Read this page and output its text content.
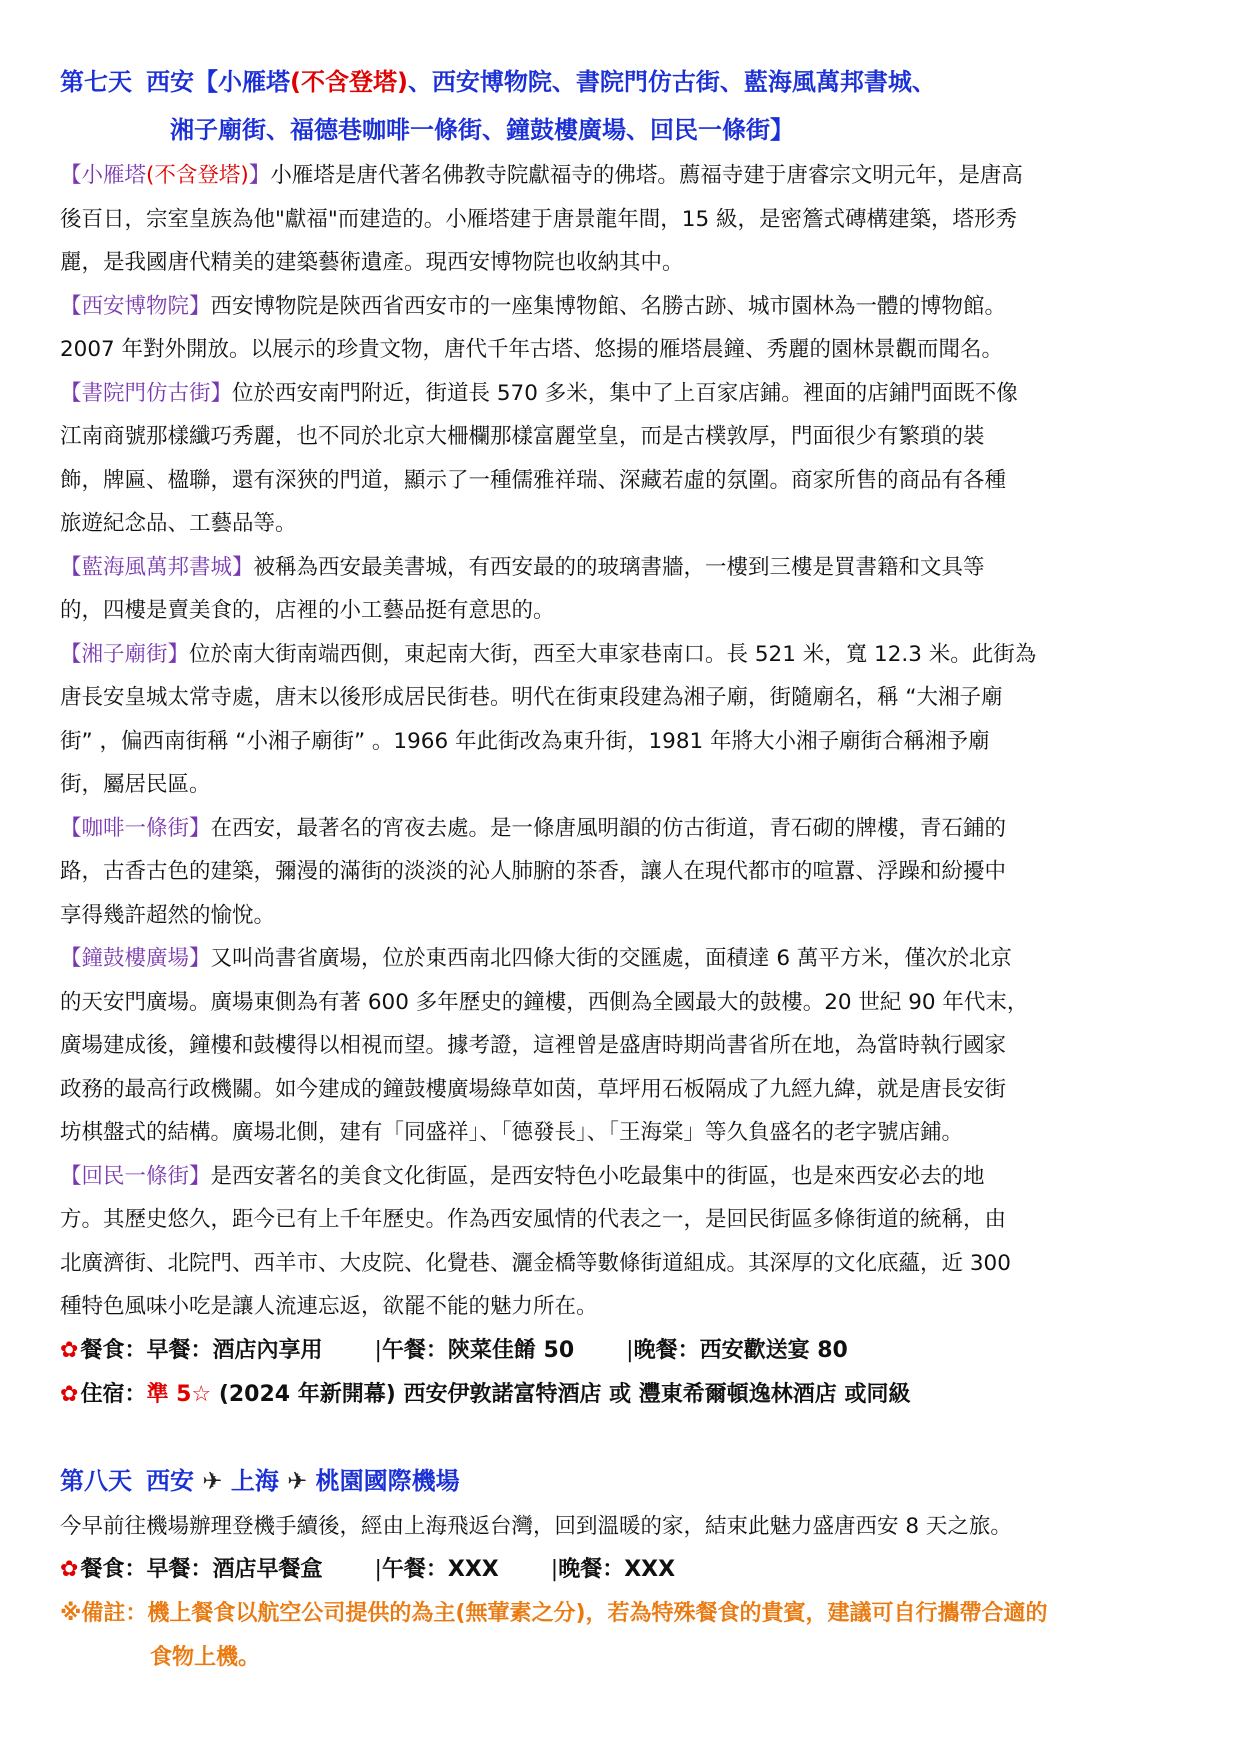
第七天 西安【小雁塔(不含登塔)、西安博物院、書院門仿古街、藍海風萬邦書城、
湘子廟街、福德巷咖啡一條街、鐘鼓樓廣場、回民一條街】

【小雁塔(不含登塔)】小雁塔是唐代著名佛教寺院獻福寺的佛塔。薦福寺建于唐睿宗文明元年，是唐高
後百日，宗室皇族為他"獻福"而建造的。小雁塔建于唐景龍年間，15 級，是密簷式磚構建築，塔形秀
麗，是我國唐代精美的建築藝術遺產。現西安博物院也收納其中。

【西安博物院】西安博物院是陝西省西安市的一座集博物館、名勝古跡、城市園林為一體的博物館。
2007 年對外開放。以展示的珍貴文物，唐代千年古塔、悠揚的雁塔晨鐘、秀麗的園林景觀而聞名。

【書院門仿古街】位於西安南門附近，街道長 570 多米，集中了上百家店鋪。裡面的店鋪門面既不像
江南商號那樣纖巧秀麗，也不同於北京大柵欄那樣富麗堂皇，而是古樸敦厚，門面很少有繁瑣的裝
飾，牌匾、楹聯，還有深狹的門道，顯示了一種儒雅祥瑞、深藏若虛的氛圍。商家所售的商品有各種
旅遊紀念品、工藝品等。

【藍海風萬邦書城】被稱為西安最美書城，有西安最的的玻璃書牆，一樓到三樓是買書籍和文具等
的，四樓是賣美食的，店裡的小工藝品挺有意思的。

【湘子廟街】位於南大街南端西側，東起南大街，西至大車家巷南口。長 521 米，寬 12.3 米。此街為
唐長安皇城太常寺處，唐末以後形成居民街巷。明代在街東段建為湘子廟，街隨廟名，稱 “大湘子廟
街” ，偏西南街稱 “小湘子廟街” 。1966 年此街改為東升街，1981 年將大小湘子廟街合稱湘予廟
街，屬居民區。

【咖啡一條街】在西安，最著名的宵夜去處。是一條唐風明韻的仿古街道，青石砌的牌樓，青石鋪的
路，古香古色的建築，彌漫的滿街的淡淡的沁人肺腑的茶香，讓人在現代都市的喧囂、浮躁和紛擾中
享得幾許超然的愉悅。

【鐘鼓樓廣場】又叫尚書省廣場，位於東西南北四條大街的交匯處，面積達 6 萬平方米，僅次於北京
的天安門廣場。廣場東側為有著 600 多年歷史的鐘樓，西側為全國最大的鼓樓。20 世紀 90 年代末，
廣場建成後，鐘樓和鼓樓得以相視而望。據考證，這裡曾是盛唐時期尚書省所在地，為當時執行國家
政務的最高行政機關。如今建成的鐘鼓樓廣場綠草如茵，草坪用石板隔成了九經九緯，就是唐長安街
坊棋盤式的結構。廣場北側，建有「同盛祥」、「德發長」、「王海棠」等久負盛名的老字號店鋪。

【回民一條街】是西安著名的美食文化街區，是西安特色小吃最集中的街區，也是來西安必去的地
方。其歷史悠久，距今已有上千年歷史。作為西安風情的代表之一，是回民街區多條街道的統稱，由
北廣濟街、北院門、西羊市、大皮院、化覺巷、灑金橋等數條街道組成。其深厚的文化底蘊，近 300
種特色風味小吃是讓人流連忘返，欲罷不能的魅力所在。

✿餐食：早餐：酒店內享用 |午餐：陝菜佳餚 50 |晚餐：西安歡送宴 80
✿住宿：準 5☆ (2024 年新開幕) 西安伊敦諾富特酒店 或 灃東希爾頓逸林酒店 或同級
第八天 西安 ✈ 上海 ✈ 桃園國際機場

今早前往機場辦理登機手續後，經由上海飛返台灣，回到溫暖的家，結束此魅力盛唐西安 8 天之旅。

✿餐食：早餐：酒店早餐盒 |午餐：XXX |晚餐：XXX
※備註：機上餐食以航空公司提供的為主(無葷素之分)，若為特殊餐食的貴賓，建議可自行攜帶合適的
食物上機。
